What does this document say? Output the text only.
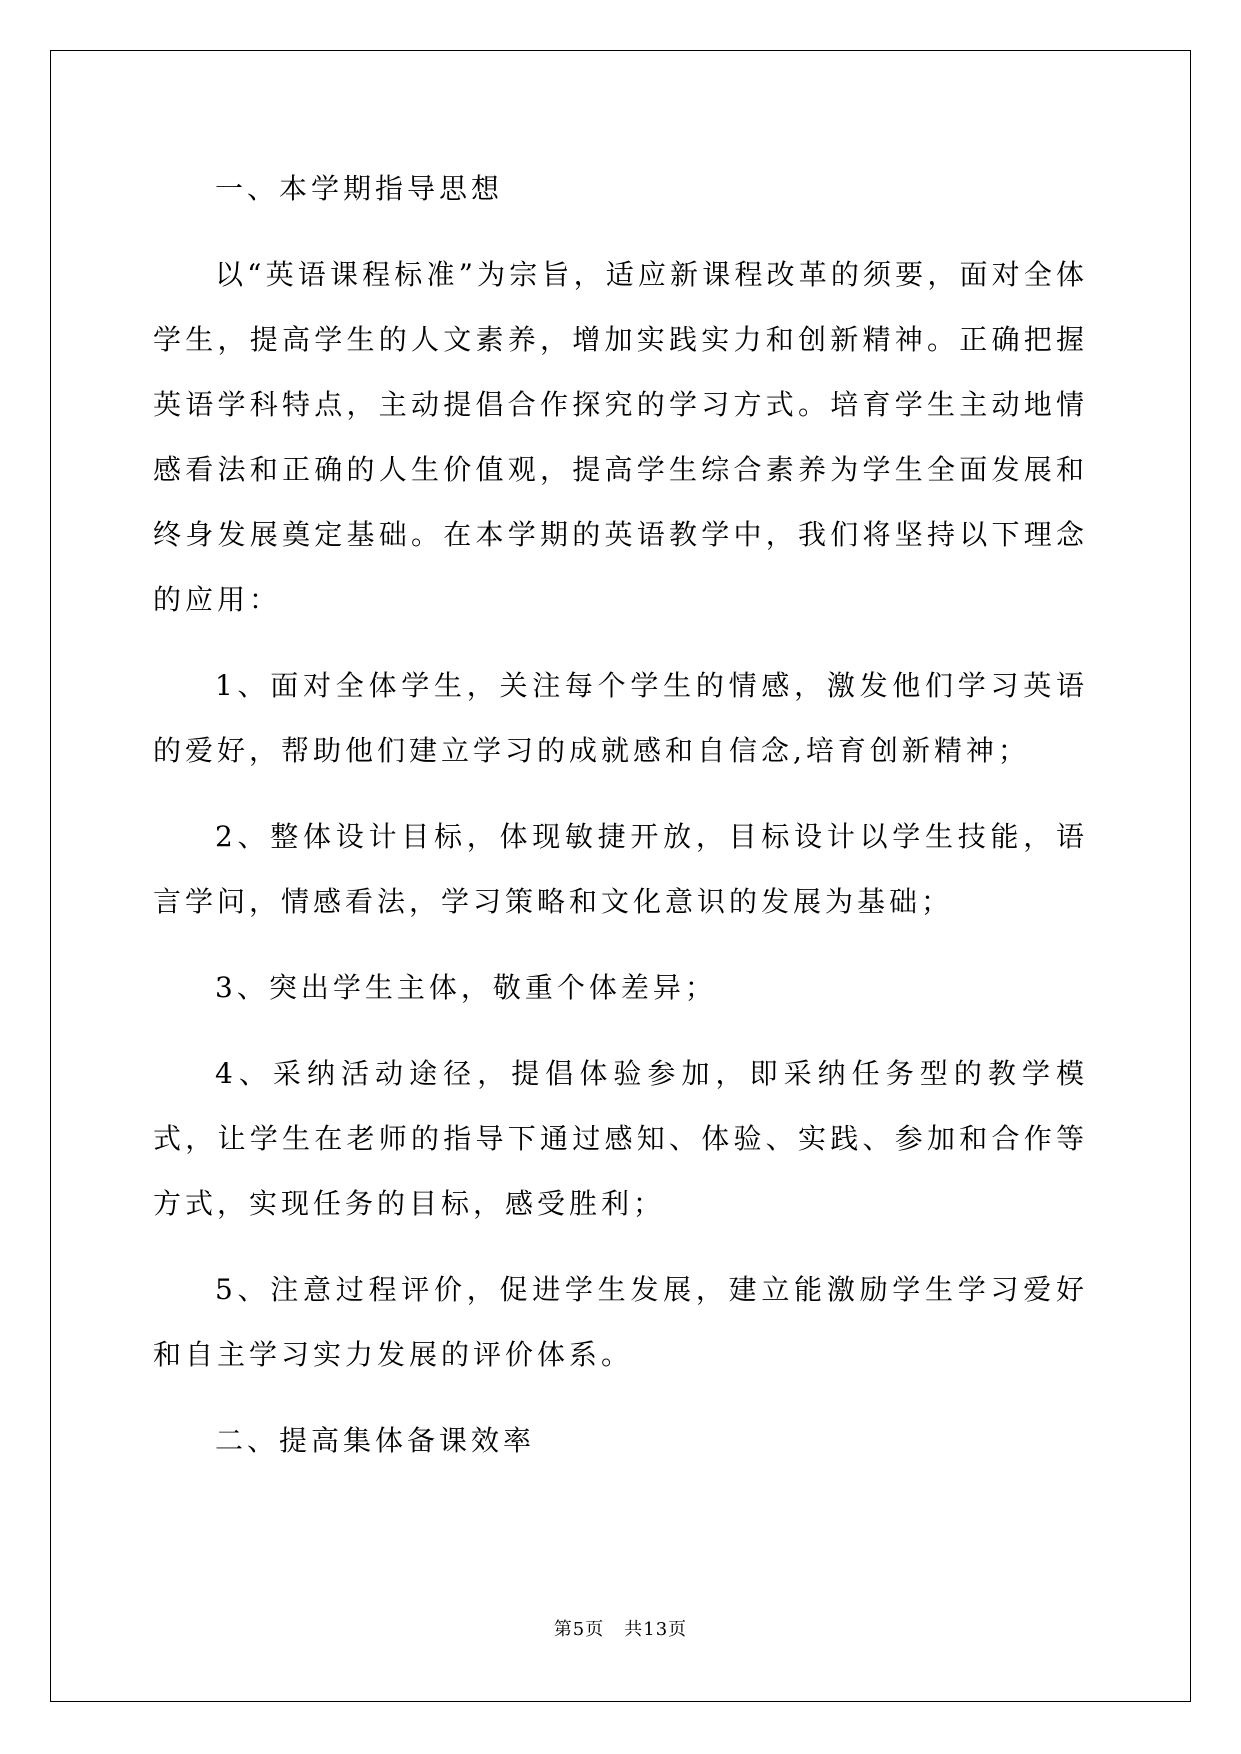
一、本学期指导思想

以“英语课程标准”为宗旨，适应新课程改革的须要，面对全体学生，提高学生的人文素养，增加实践实力和创新精神。正确把握英语学科特点，主动提倡合作探究的学习方式。培育学生主动地情感看法和正确的人生价值观，提高学生综合素养为学生全面发展和终身发展奠定基础。在本学期的英语教学中，我们将坚持以下理念的应用：

1、面对全体学生，关注每个学生的情感，激发他们学习英语的爱好，帮助他们建立学习的成就感和自信念,培育创新精神；

2、整体设计目标，体现敏捷开放，目标设计以学生技能，语言学问，情感看法，学习策略和文化意识的发展为基础；

3、突出学生主体，敬重个体差异；

4、采纳活动途径，提倡体验参加，即采纳任务型的教学模式，让学生在老师的指导下通过感知、体验、实践、参加和合作等方式，实现任务的目标，感受胜利；

5、注意过程评价，促进学生发展，建立能激励学生学习爱好和自主学习实力发展的评价体系。

二、提高集体备课效率

第5页 共13页
